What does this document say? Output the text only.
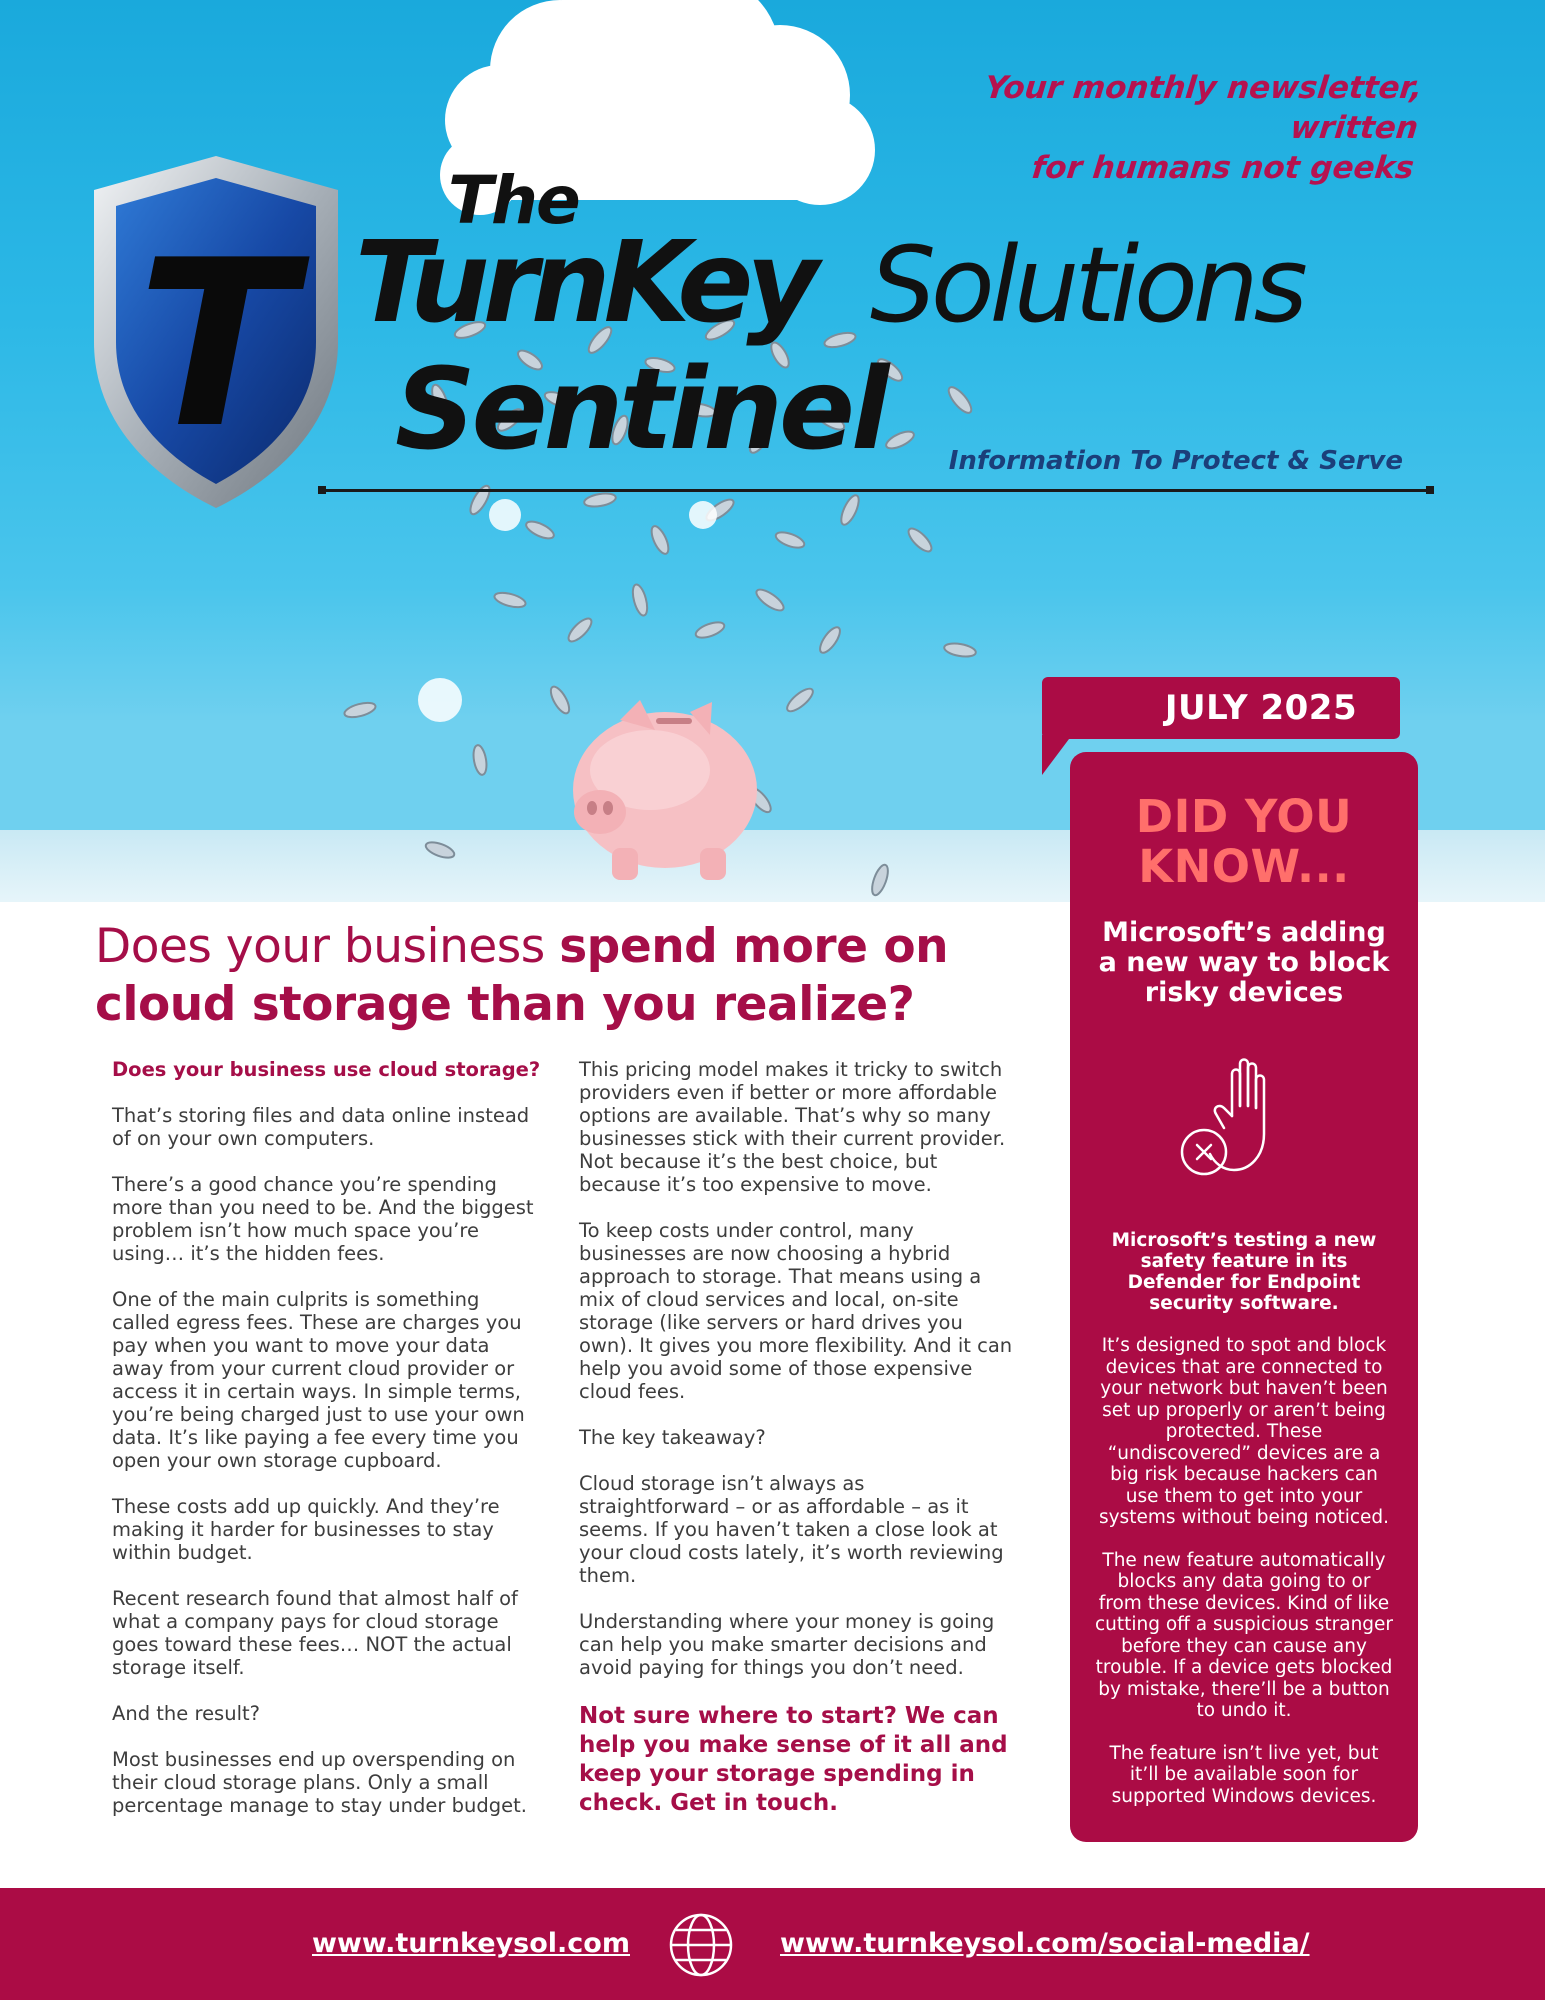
Your monthly newsletter, written
for humans not geeks
T
The
TurnKey Solutions
Sentinel Information To Protect & Serve
JULY 2025
DID YOU
KNOW...
Microsoft’s adding a new way to block risky devices
Microsoft’s testing a new safety feature in its Defender for Endpoint security software.
It’s designed to spot and block devices that are connected to your network but haven’t been set up properly or aren’t being protected. These “undiscovered” devices are a big risk because hackers can use them to get into your systems without being noticed.
The new feature automatically blocks any data going to or from these devices. Kind of like cutting off a suspicious stranger before they can cause any trouble. If a device gets blocked by mistake, there’ll be a button to undo it.
The feature isn’t live yet, but it’ll be available soon for supported Windows devices.
Does your business spend more on
cloud storage than you realize?

Does your business use cloud storage?

That’s storing files and data online instead of on your own computers.

There’s a good chance you’re spending more than you need to be. And the biggest problem isn’t how much space you’re using… it’s the hidden fees.

One of the main culprits is something called egress fees. These are charges you pay when you want to move your data away from your current cloud provider or access it in certain ways. In simple terms, you’re being charged just to use your own data. It’s like paying a fee every time you open your own storage cupboard.

These costs add up quickly. And they’re making it harder for businesses to stay within budget.

Recent research found that almost half of what a company pays for cloud storage goes toward these fees… NOT the actual storage itself.

And the result?

Most businesses end up overspending on their cloud storage plans. Only a small percentage manage to stay under budget.

This pricing model makes it tricky to switch providers even if better or more affordable options are available. That’s why so many businesses stick with their current provider. Not because it’s the best choice, but because it’s too expensive to move.

To keep costs under control, many businesses are now choosing a hybrid approach to storage. That means using a mix of cloud services and local, on-site storage (like servers or hard drives you own). It gives you more flexibility. And it can help you avoid some of those expensive cloud fees.

The key takeaway?

Cloud storage isn’t always as straightforward – or as affordable – as it seems. If you haven’t taken a close look at your cloud costs lately, it’s worth reviewing them.

Understanding where your money is going can help you make smarter decisions and avoid paying for things you don’t need.

Not sure where to start? We can help you make sense of it all and keep your storage spending in check. Get in touch.
www.turnkeysol.com	www.turnkeysol.com/social-media/
